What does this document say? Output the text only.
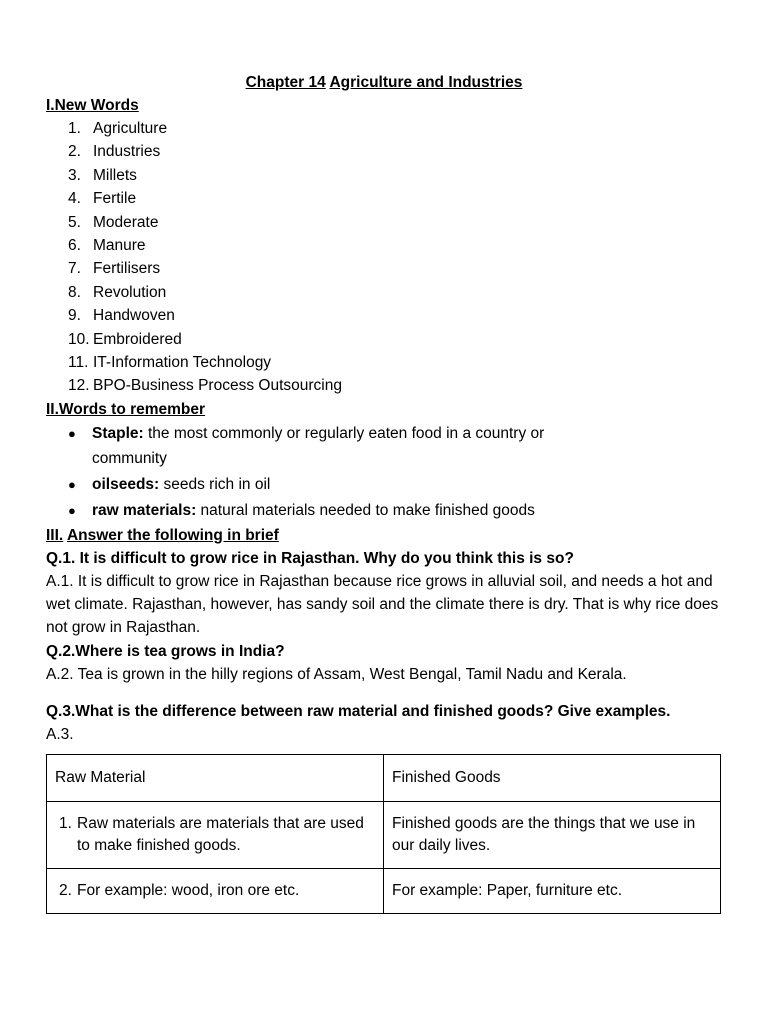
Chapter 14 Agriculture and Industries
I.New Words
1. Agriculture
2. Industries
3. Millets
4. Fertile
5. Moderate
6. Manure
7. Fertilisers
8. Revolution
9. Handwoven
10. Embroidered
11. IT-Information Technology
12. BPO-Business Process Outsourcing
II.Words to remember
● Staple: the most commonly or regularly eaten food in a country or community
● oilseeds: seeds rich in oil
● raw materials: natural materials needed to make finished goods
III. Answer the following in brief
Q.1. It is difficult to grow rice in Rajasthan. Why do you think this is so?
A.1. It is difficult to grow rice in Rajasthan because rice grows in alluvial soil, and needs a hot and wet climate. Rajasthan, however, has sandy soil and the climate there is dry. That is why rice does not grow in Rajasthan.
Q.2.Where is tea grows in India?
A.2. Tea is grown in the hilly regions of Assam, West Bengal, Tamil Nadu and Kerala.
Q.3.What is the difference between raw material and finished goods? Give examples.
A.3.
Raw Material	Finished Goods

1. Raw materials are materials that are used to make finished goods.	Finished goods are the things that we use in our daily lives.

2. For example: wood, iron ore etc.	For example: Paper, furniture etc.
